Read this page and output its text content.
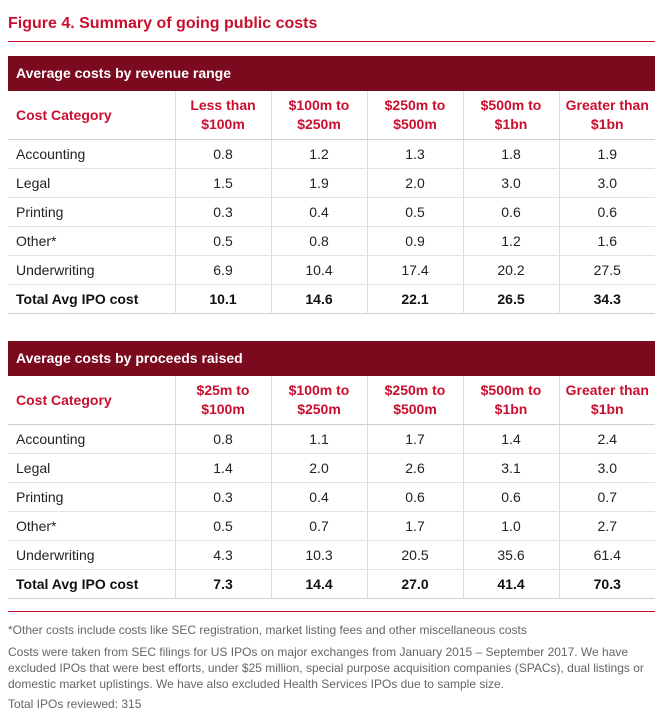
Figure 4. Summary of going public costs
Average costs by revenue range
Cost Category	Less than $100m	$100m to $250m	$250m to $500m	$500m to $1bn	Greater than $1bn
Accounting	0.8	1.2	1.3	1.8	1.9
Legal	1.5	1.9	2.0	3.0	3.0
Printing	0.3	0.4	0.5	0.6	0.6
Other*	0.5	0.8	0.9	1.2	1.6
Underwriting	6.9	10.4	17.4	20.2	27.5
Total Avg IPO cost	10.1	14.6	22.1	26.5	34.3
Average costs by proceeds raised
Cost Category	$25m to $100m	$100m to $250m	$250m to $500m	$500m to $1bn	Greater than $1bn
Accounting	0.8	1.1	1.7	1.4	2.4
Legal	1.4	2.0	2.6	3.1	3.0
Printing	0.3	0.4	0.6	0.6	0.7
Other*	0.5	0.7	1.7	1.0	2.7
Underwriting	4.3	10.3	20.5	35.6	61.4
Total Avg IPO cost	7.3	14.4	27.0	41.4	70.3

*Other costs include costs like SEC registration, market listing fees and other miscellaneous costs

Costs were taken from SEC filings for US IPOs on major exchanges from January 2015 – September 2017. We have excluded IPOs that were best efforts, under $25 million, special purpose acquisition companies (SPACs), dual listings or domestic market uplistings. We have also excluded Health Services IPOs due to sample size.

Total IPOs reviewed: 315
